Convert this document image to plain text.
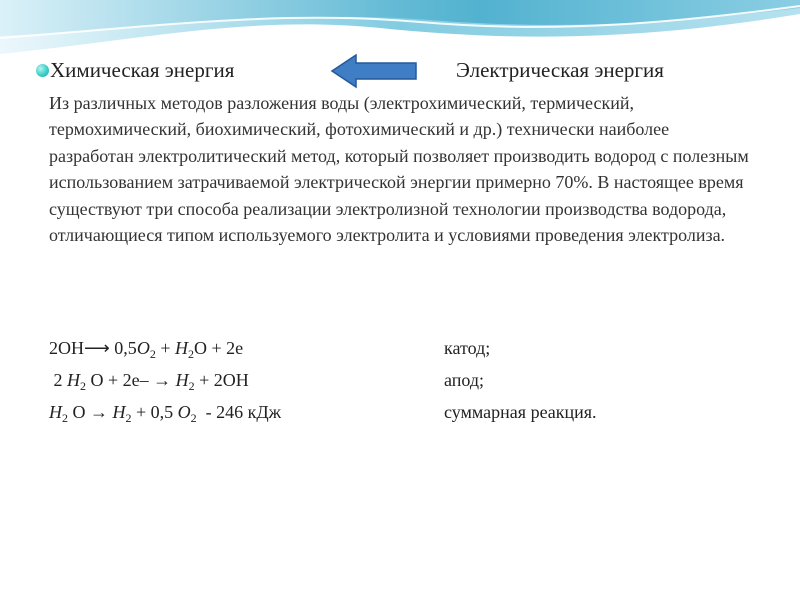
Химическая энергия	Электрическая энергия

Из различных методов разложения воды (электрохимический, термический, термохимический, биохимический, фотохимический и др.) технически наиболее разработан электролитический метод, который позволяет производить водород с полезным использованием затрачиваемой электрической энергии примерно 70%. В настоящее время существуют три способа реализации электролизной технологии производства водорода, отличающиеся типом используемого электролита и условиями проведения электролиза.

2OH⟶ $0,5O_2 + H_2O + 2e$	катод;
2 $H_2$ $O + 2e- \to H_2 + 2OH$	апод;
$H_2$ $O \to H_2 + 0,5$ $O_2 - 246$ кДж	суммарная реакция.
